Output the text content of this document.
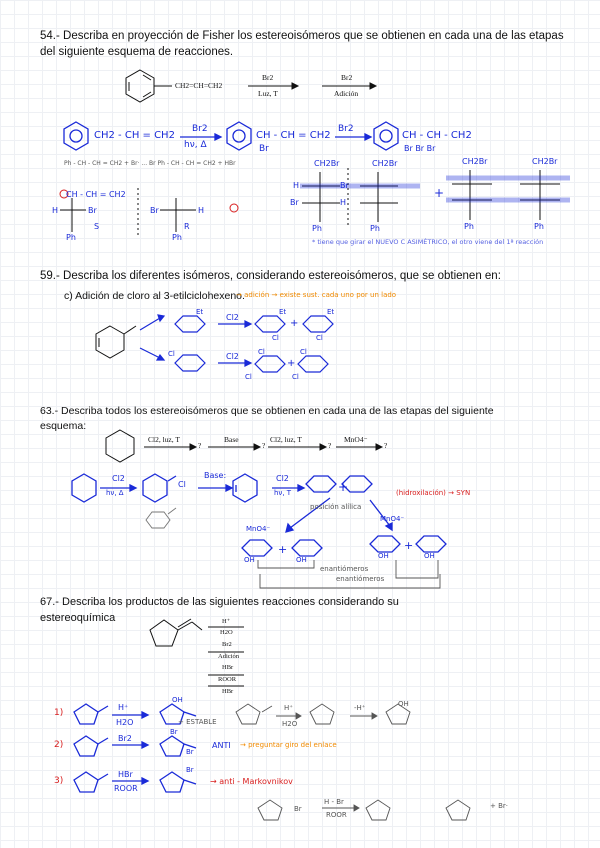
54.- Describa en proyección de Fisher los estereoisómeros que se obtienen en cada una de las etapas
del siguiente esquema de reacciones.
+
+
CH2=CH=CH2
Br2
Luz, T
Br2
Adición
CH2 - CH = CH2
Br2
hν, Δ
CH - CH = CH2
Br
Br2
CH - CH - CH2
Br Br Br
Ph - CH - CH = CH2 + Br· ... Br Ph - CH - CH = CH2 + HBr	CH2Br	CH2Br	CH2Br	CH2Br
H	Br
Br	H
Ph	Ph	Ph	Ph
+
CH - CH = CH2
H	Br
Ph
S
Br	H
Ph
R
* tiene que girar el NUEVO C ASIMÉTRICO, el otro viene del 1ª reacción
59.- Describa los diferentes isómeros, considerando estereoisómeros, que se obtienen en:
c) Adición de cloro al 3-etilciclohexeno.
→ adición → existe sust. cada uno por un lado
Cl2
Cl2
Et	Et	Et
Cl
Cl	Cl
Cl	Cl
Cl	Cl
63.- Describa todos los estereoisómeros que se obtienen en cada una de las etapas del siguiente
esquema:
Cl2, luz, T
?
Base
?
Cl2, luz, T
?
MnO4⁻
?
Cl2
hν, Δ
Cl
Base:	Cl2
hν, T	+
posición alílica
(hidroxilación) → SYN
MnO4⁻
MnO4⁻
+	+
OH	OH	OH	OH
enantiómeros
enantiómeros
67.- Describa los productos de las siguientes reacciones considerando su
estereoquímica	H⁺
H2O
Br2
Adición
HBr
ROOR
HBr
1)
2)
3)
H⁺
H2O
OH
+ ESTABLE
H⁺
H2O
-H⁺	OH
Br2
Br
Br
ANTI → preguntar giro del enlace
HBr
ROOR
Br
→ anti - Markovnikov
H - Br
ROOR
Br	+ Br·
